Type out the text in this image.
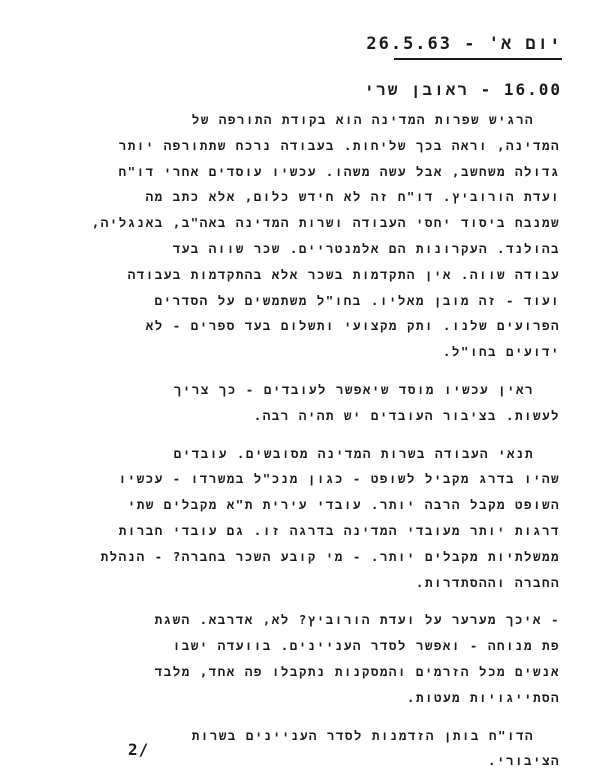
יום א' - 26.5.63
16.00 - ראובן שרי
הרגיש שפרות המדינה הוא בקודת התורפה של
המדינה, וראה בכך שליחות. בעבודה נרכח שתתורפה יותר
גדולה משחשב, אבל עשה משהו. עכשיו עוסדים אחרי דו"ח
ועדת הורוביץ. דו"ח זה לא חידש כלום, אלא כתב מה
שמנבח ביסוד יחסי העבודה ושרות המדינה באה"ב, באנגליה,
בהולנד. העקרונות הם אלמנטריים. שכר שווה בעד
עבודה שווה. אין התקדמות בשכר אלא בהתקדמות בעבודה
ועוד - זה מובן מאליו. בחו"ל משתמשים על הסדרים
הפרועים שלנו. ותק מקצועי ותשלום בעד ספרים - לא
ידועים בחו"ל.
ראין עכשיו מוסד שיאפשר לעובדים - כך צריך
לעשות. בציבור העובדים יש תהיה רבה.
תנאי העבודה בשרות המדינה מסובשים. עובדים
שהיו בדרג מקביל לשופט - כגון מנכ"ל במשרדו - עכשיו
השופט מקבל הרבה יותר. עובדי עירית ת"א מקבלים שתי
דרגות יותר מעובדי המדינה בדרגה זו. גם עובדי חברות
ממשלתיות מקבלים יותר. - מי קובע השכר בחברה? - הנהלת
החברה וההסתדרות.
- איכך מערער על ועדת הורוביץ? לא, אדרבא. השגת
פת מנוחה - ואפשר לסדר העניינים. בוועדה ישבו
אנשים מכל הזרמים והמסקנות נתקבלו פה אחד, מלבד
הסתייגויות מעטות.
הדו"ח בותן הזדמנות לסדר העניינים בשרות
הציבורי.
2/
